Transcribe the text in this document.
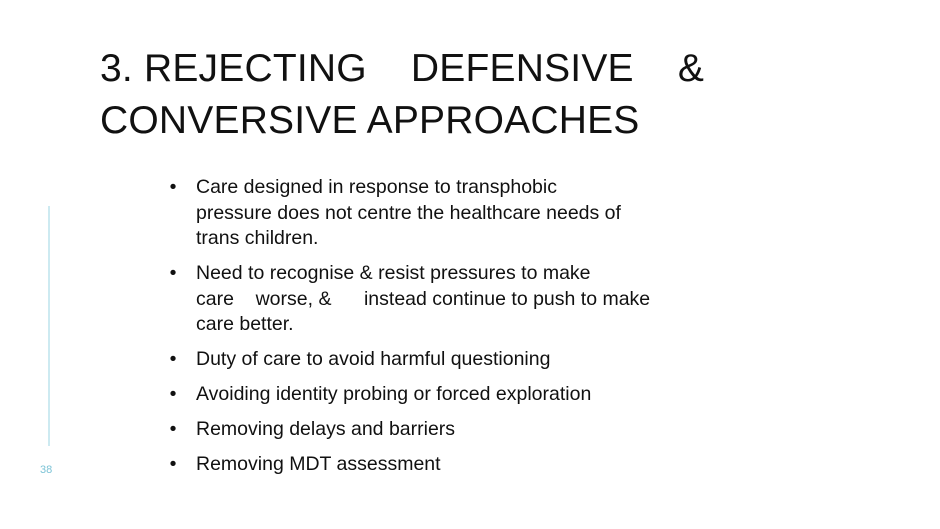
3. REJECTING    DEFENSIVE    &
CONVERSIVE APPROACHES
38
• Care designed in response to transphobic
pressure does not centre the healthcare needs of
trans children.
• Need to recognise & resist pressures to make
care    worse, &      instead continue to push to make
care better.
• Duty of care to avoid harmful questioning
• Avoiding identity probing or forced exploration
• Removing delays and barriers
• Removing MDT assessment
